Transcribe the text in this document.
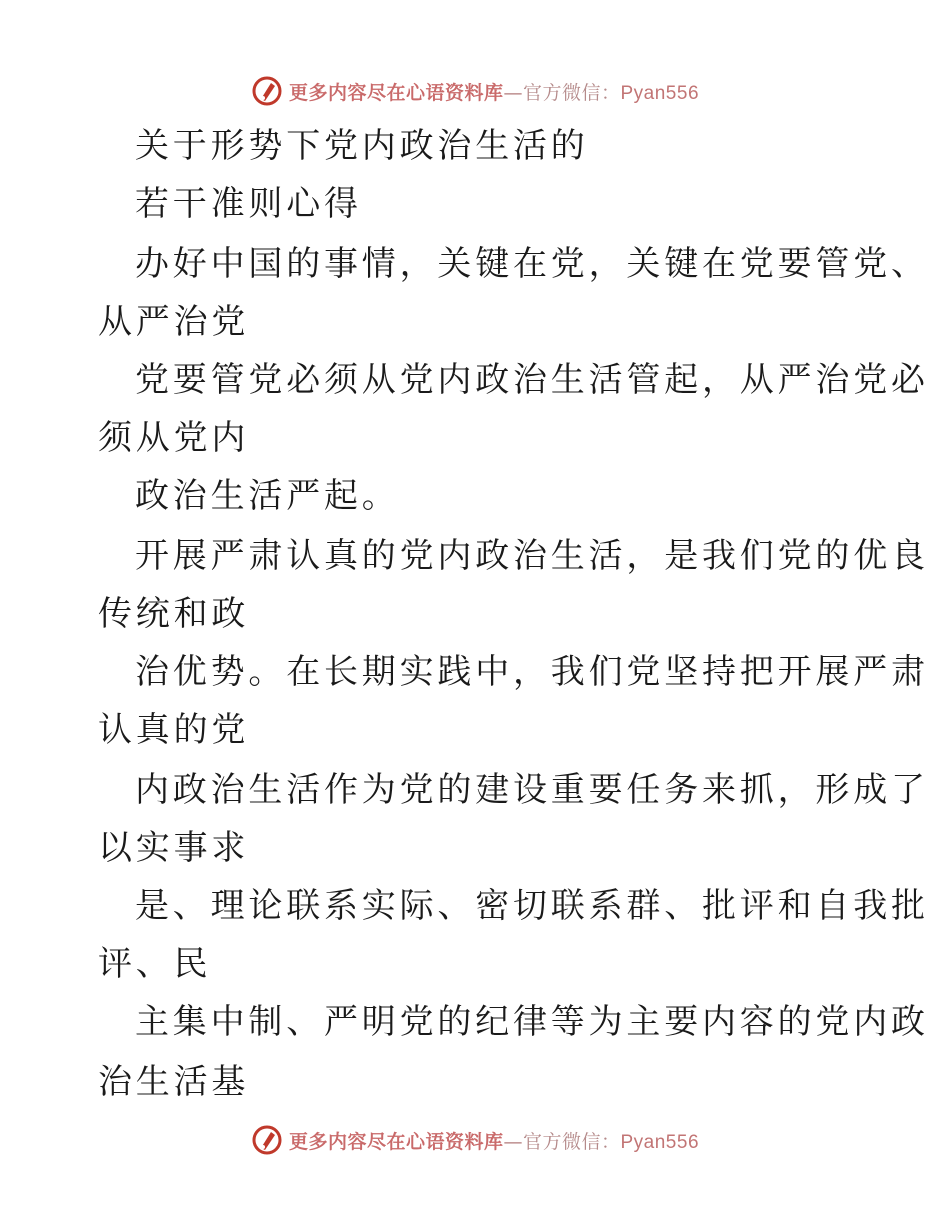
更多内容尽在心语资料库—官方微信：Pyan556
关于形势下党内政治生活的
若干准则心得
办好中国的事情，关键在党，关键在党要管党、
从严治党
党要管党必须从党内政治生活管起，从严治党必
须从党内
政治生活严起。
开展严肃认真的党内政治生活，是我们党的优良
传统和政
治优势。在长期实践中，我们党坚持把开展严肃
认真的党
内政治生活作为党的建设重要任务来抓，形成了
以实事求
是、理论联系实际、密切联系群、批评和自我批
评、民
主集中制、严明党的纪律等为主要内容的党内政
治生活基
更多内容尽在心语资料库—官方微信：Pyan556
